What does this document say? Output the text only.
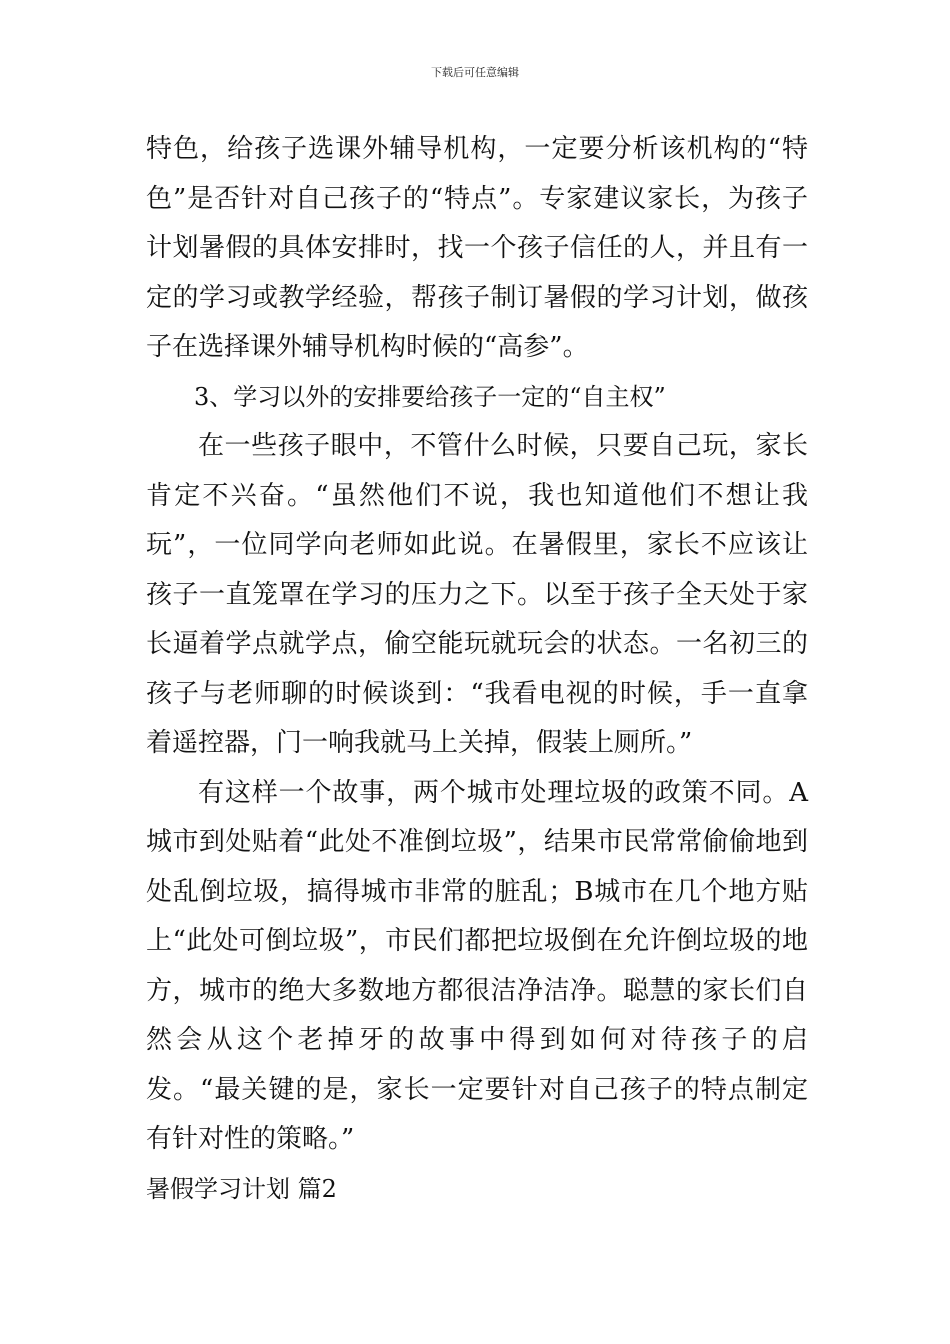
下载后可任意编辑

特色，给孩子选课外辅导机构，一定要分析该机构的“特色”是否针对自己孩子的“特点”。专家建议家长，为孩子计划暑假的具体安排时，找一个孩子信任的人，并且有一定的学习或教学经验，帮孩子制订暑假的学习计划，做孩子在选择课外辅导机构时候的“高参”。

3、学习以外的安排要给孩子一定的“自主权”

在一些孩子眼中，不管什么时候，只要自己玩，家长肯定不兴奋。“虽然他们不说，我也知道他们不想让我玩”，一位同学向老师如此说。在暑假里，家长不应该让孩子一直笼罩在学习的压力之下。以至于孩子全天处于家长逼着学点就学点，偷空能玩就玩会的状态。一名初三的孩子与老师聊的时候谈到：“我看电视的时候，手一直拿着遥控器，门一响我就马上关掉，假装上厕所。”

有这样一个故事，两个城市处理垃圾的政策不同。A城市到处贴着“此处不准倒垃圾”，结果市民常常偷偷地到处乱倒垃圾，搞得城市非常的脏乱；B城市在几个地方贴上“此处可倒垃圾”，市民们都把垃圾倒在允许倒垃圾的地方，城市的绝大多数地方都很洁净洁净。聪慧的家长们自然会从这个老掉牙的故事中得到如何对待孩子的启发。“最关键的是，家长一定要针对自己孩子的特点制定有针对性的策略。”

暑假学习计划 篇2
